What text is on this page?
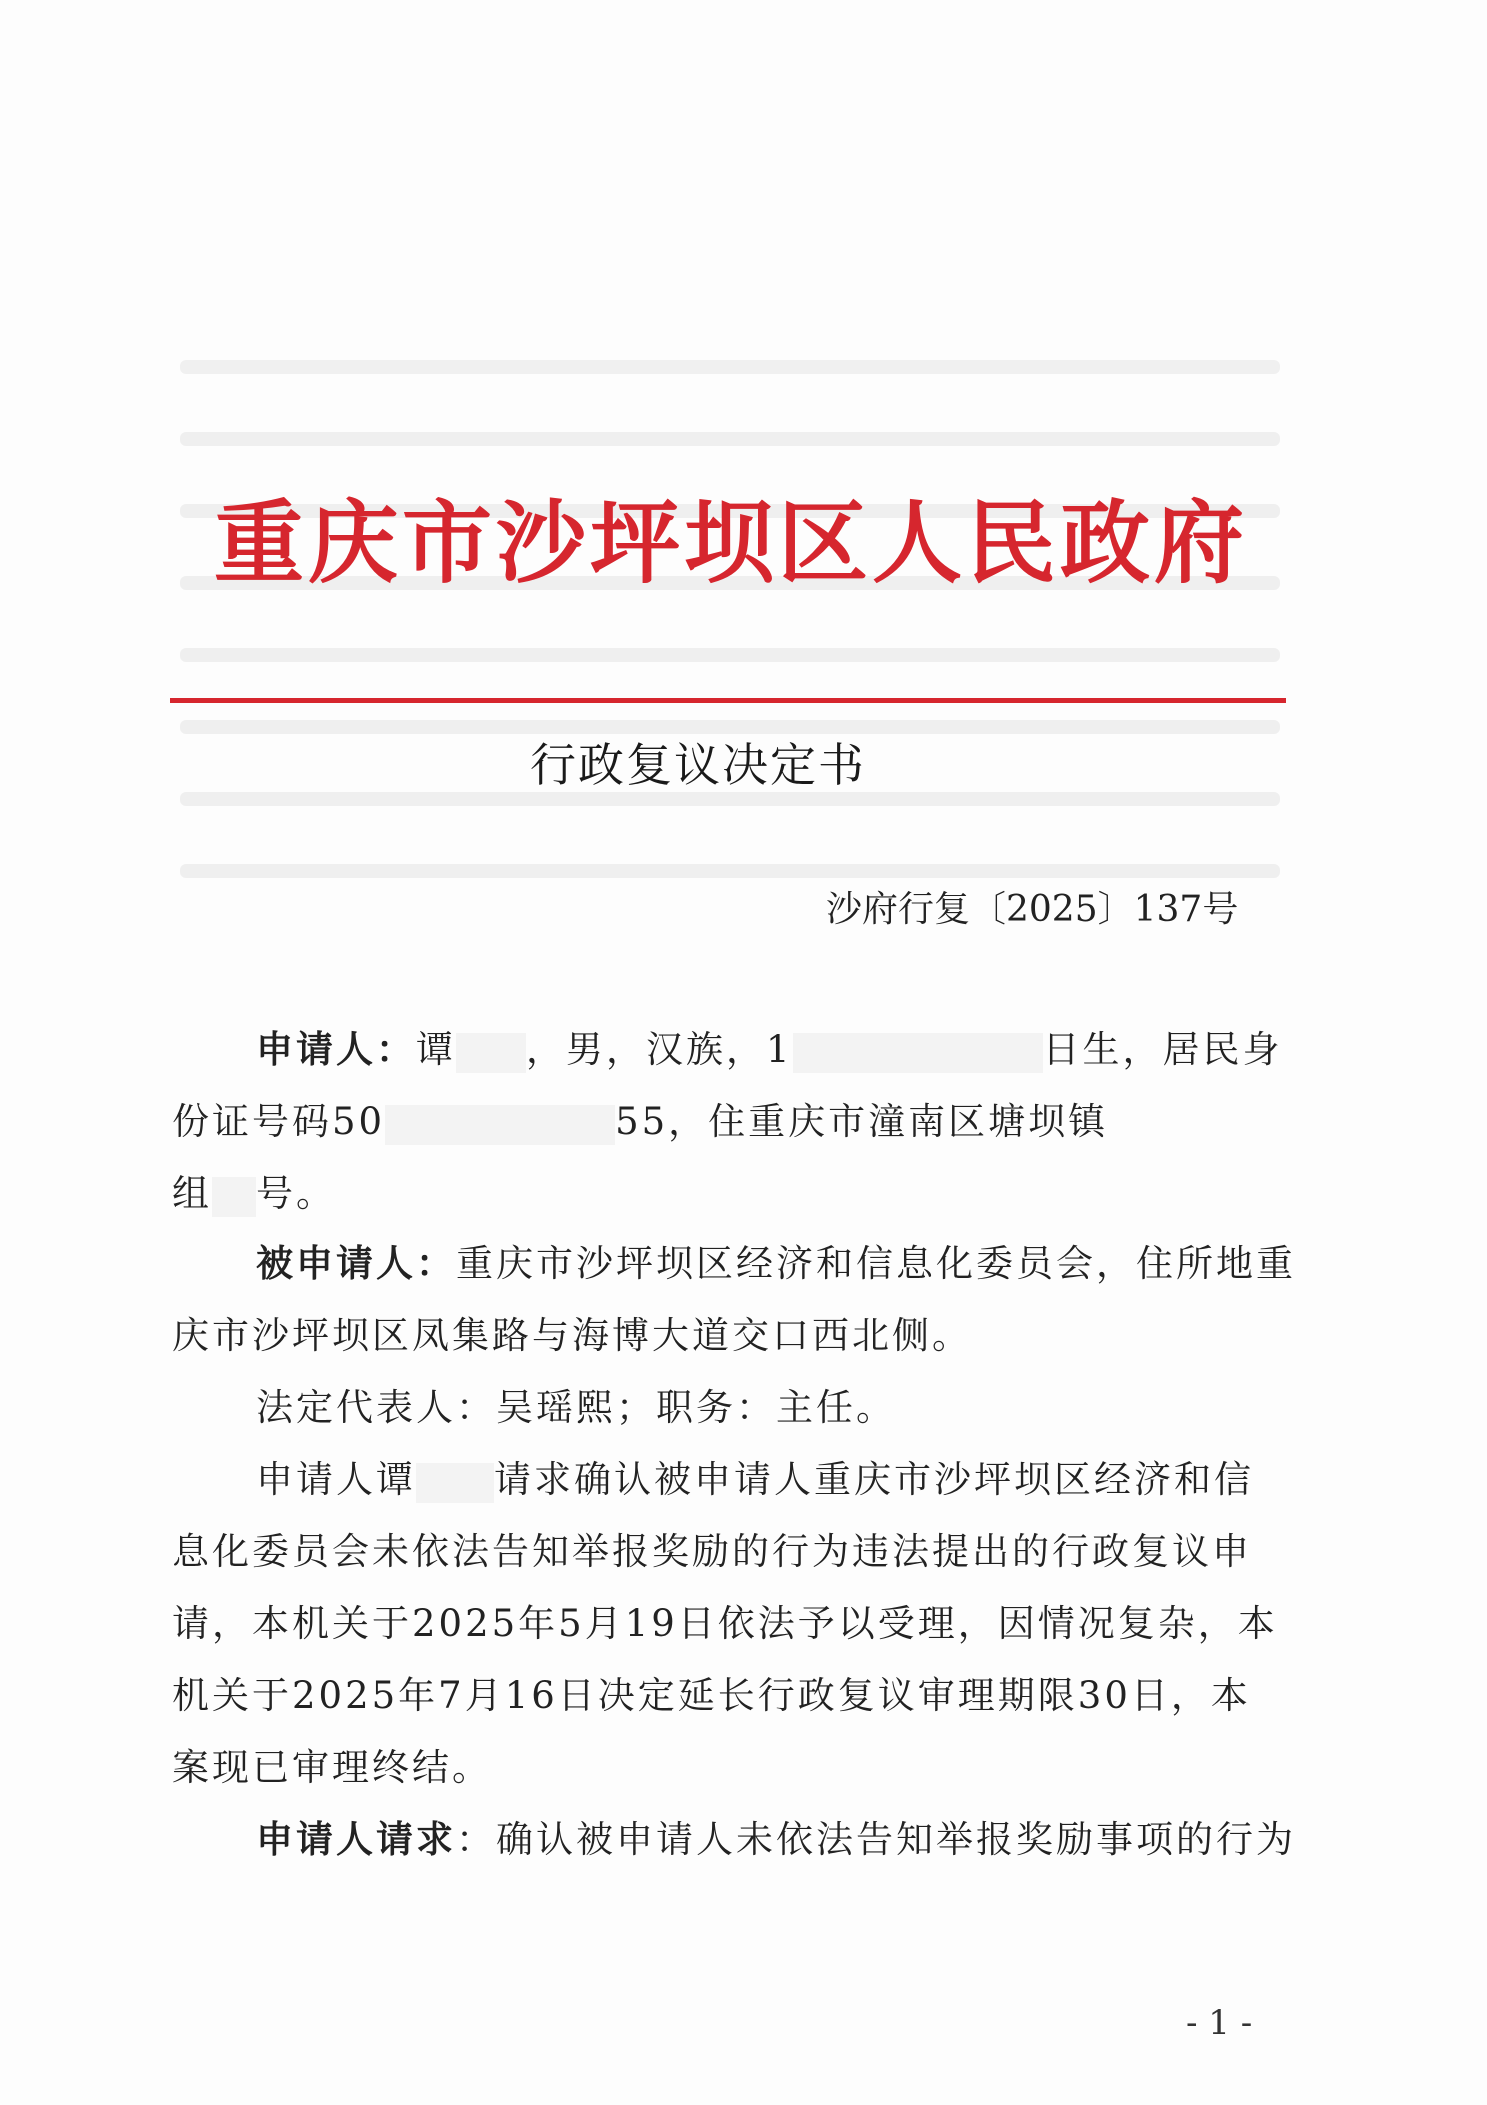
重庆市沙坪坝区人民政府
行政复议决定书
沙府行复〔2025〕137号
申请人：谭 ，男，汉族，1	日生，居民身
份证号码50	55，住重庆市潼南区塘坝镇
组 号。
被申请人：重庆市沙坪坝区经济和信息化委员会，住所地重
庆市沙坪坝区凤集路与海博大道交口西北侧。
法定代表人：吴瑶熙；职务：主任。
申请人谭 请求确认被申请人重庆市沙坪坝区经济和信
息化委员会未依法告知举报奖励的行为违法提出的行政复议申
请，本机关于2025年5月19日依法予以受理，因情况复杂，本
机关于2025年7月16日决定延长行政复议审理期限30日，本
案现已审理终结。
申请人请求：确认被申请人未依法告知举报奖励事项的行为
- 1 -
